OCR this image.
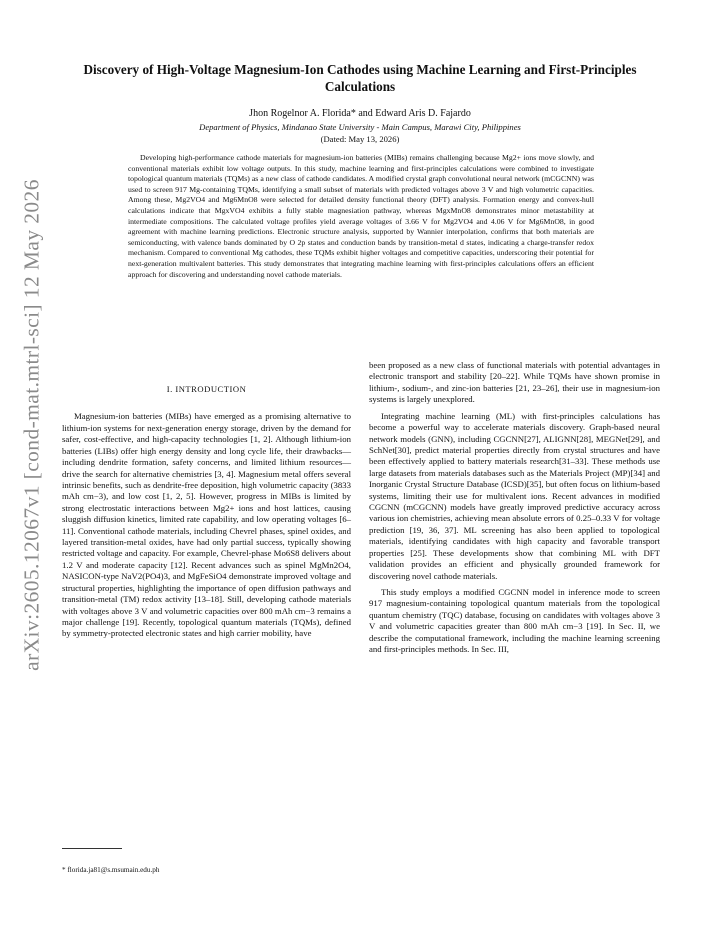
arXiv:2605.12067v1 [cond-mat.mtrl-sci] 12 May 2026
Discovery of High-Voltage Magnesium-Ion Cathodes using Machine Learning and First-Principles Calculations
Jhon Rogelnor A. Florida* and Edward Aris D. Fajardo
Department of Physics, Mindanao State University - Main Campus, Marawi City, Philippines
(Dated: May 13, 2026)

Developing high-performance cathode materials for magnesium-ion batteries (MIBs) remains challenging because Mg2+ ions move slowly, and conventional materials exhibit low voltage outputs. In this study, machine learning and first-principles calculations were combined to investigate topological quantum materials (TQMs) as a new class of cathode candidates. A modified crystal graph convolutional neural network (mCGCNN) was used to screen 917 Mg-containing TQMs, identifying a small subset of materials with predicted voltages above 3 V and high volumetric capacities. Among these, Mg2VO4 and Mg6MnO8 were selected for detailed density functional theory (DFT) analysis. Formation energy and convex-hull calculations indicate that MgxVO4 exhibits a fully stable magnesiation pathway, whereas MgxMnO8 demonstrates minor metastability at intermediate compositions. The calculated voltage profiles yield average voltages of 3.66 V for Mg2VO4 and 4.06 V for Mg6MnO8, in good agreement with machine learning predictions. Electronic structure analysis, supported by Wannier interpolation, confirms that both materials are semiconducting, with valence bands dominated by O 2p states and conduction bands by transition-metal d states, indicating a charge-transfer redox mechanism. Compared to conventional Mg cathodes, these TQMs exhibit higher voltages and competitive capacities, underscoring their potential for next-generation multivalent batteries. This study demonstrates that integrating machine learning with first-principles calculations offers an efficient approach for discovering and understanding novel cathode materials.

I. INTRODUCTION

Magnesium-ion batteries (MIBs) have emerged as a promising alternative to lithium-ion systems for next-generation energy storage, driven by the demand for safer, cost-effective, and high-capacity technologies [1, 2]. Although lithium-ion batteries (LIBs) offer high energy density and long cycle life, their drawbacks—including dendrite formation, safety concerns, and limited lithium resources—drive the search for alternative chemistries [3, 4]. Magnesium metal offers several intrinsic benefits, such as dendrite-free deposition, high volumetric capacity (3833 mAh cm−3), and low cost [1, 2, 5]. However, progress in MIBs is limited by strong electrostatic interactions between Mg2+ ions and host lattices, causing sluggish diffusion kinetics, limited rate capability, and low operating voltages [6–11]. Conventional cathode materials, including Chevrel phases, spinel oxides, and layered transition-metal oxides, have had only partial success, typically showing restricted voltage and capacity. For example, Chevrel-phase Mo6S8 delivers about 1.2 V and moderate capacity [12]. Recent advances such as spinel MgMn2O4, NASICON-type NaV2(PO4)3, and MgFeSiO4 demonstrate improved voltage and structural properties, highlighting the importance of open diffusion pathways and transition-metal (TM) redox activity [13–18]. Still, developing cathode materials with voltages above 3 V and volumetric capacities over 800 mAh cm−3 remains a major challenge [19]. Recently, topological quantum materials (TQMs), defined by symmetry-protected electronic states and high carrier mobility, have

been proposed as a new class of functional materials with potential advantages in electronic transport and stability [20–22]. While TQMs have shown promise in lithium-, sodium-, and zinc-ion batteries [21, 23–26], their use in magnesium-ion systems is largely unexplored.

Integrating machine learning (ML) with first-principles calculations has become a powerful way to accelerate materials discovery. Graph-based neural network models (GNN), including CGCNN[27], ALIGNN[28], MEGNet[29], and SchNet[30], predict material properties directly from crystal structures and have been effectively applied to battery materials research[31–33]. These methods use large datasets from materials databases such as the Materials Project (MP)[34] and Inorganic Crystal Structure Database (ICSD)[35], but often focus on lithium-based systems, limiting their use for multivalent ions. Recent advances in modified CGCNN (mCGCNN) models have greatly improved predictive accuracy across various ion chemistries, achieving mean absolute errors of 0.25–0.33 V for voltage prediction [19, 36, 37]. ML screening has also been applied to topological materials, identifying candidates with high capacity and favorable transport properties [25]. These developments show that combining ML with DFT validation provides an efficient and physically grounded framework for discovering novel cathode materials.

This study employs a modified CGCNN model in inference mode to screen 917 magnesium-containing topological quantum materials from the topological quantum chemistry (TQC) database, focusing on candidates with voltages above 3 V and volumetric capacities greater than 800 mAh cm−3 [19]. In Sec. II, we describe the computational framework, including the machine learning screening and first-principles methods. In Sec. III,

* florida.ja81@s.msumain.edu.ph
